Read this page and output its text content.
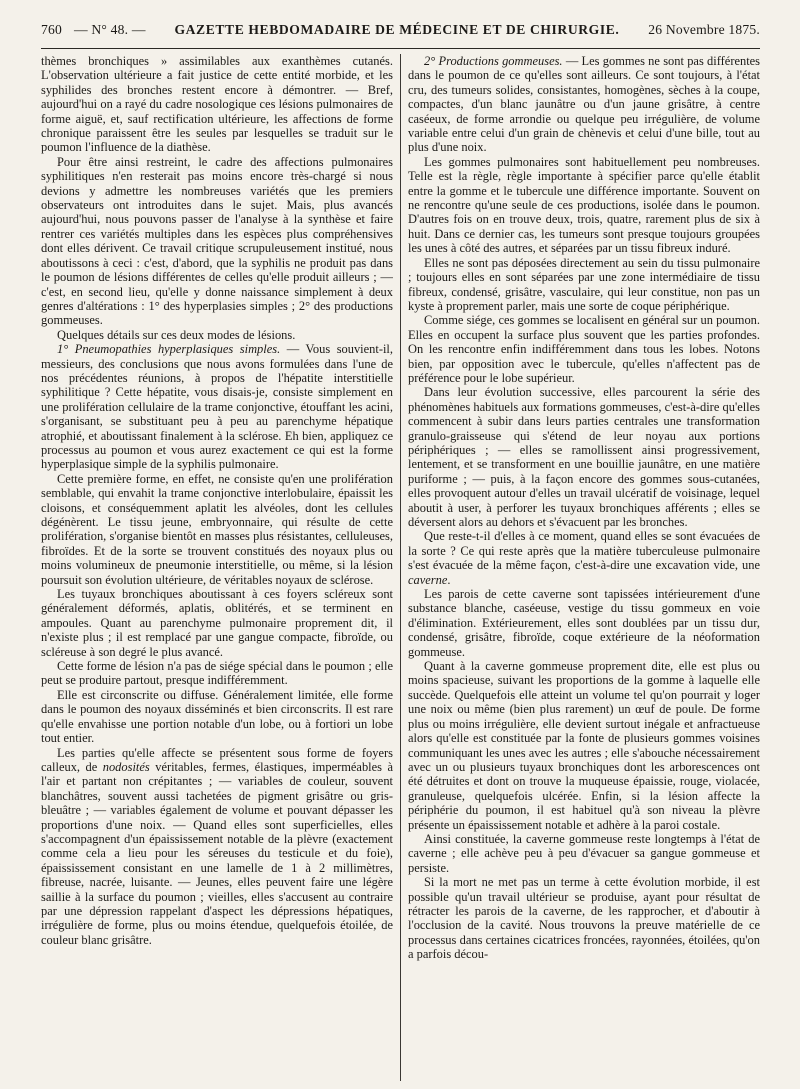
760 — N° 48. — GAZETTE HEBDOMADAIRE DE MÉDECINE ET DE CHIRURGIE. 26 Novembre 1875.

thèmes bronchiques » assimilables aux exanthèmes cutanés. L'observation ultérieure a fait justice de cette entité morbide, et les syphilides des bronches restent encore à démontrer. — Bref, aujourd'hui on a rayé du cadre nosologique ces lésions pulmonaires de forme aiguë, et, sauf rectification ultérieure, les affections de forme chronique paraissent être les seules par lesquelles se traduit sur le poumon l'influence de la diathèse.

Pour être ainsi restreint, le cadre des affections pulmonaires syphilitiques n'en resterait pas moins encore très-chargé si nous devions y admettre les nombreuses variétés que les premiers observateurs ont introduites dans le sujet. Mais, plus avancés aujourd'hui, nous pouvons passer de l'analyse à la synthèse et faire rentrer ces variétés multiples dans les espèces plus compréhensives dont elles dérivent. Ce travail critique scrupuleusement institué, nous aboutissons à ceci : c'est, d'abord, que la syphilis ne produit pas dans le poumon de lésions différentes de celles qu'elle produit ailleurs ; — c'est, en second lieu, qu'elle y donne naissance simplement à deux genres d'altérations : 1° des hyperplasies simples ; 2° des productions gommeuses.

Quelques détails sur ces deux modes de lésions.

1° Pneumopathies hyperplasiques simples. — Vous souvient-il, messieurs, des conclusions que nous avons formulées dans l'une de nos précédentes réunions, à propos de l'hépatite interstitielle syphilitique ? Cette hépatite, vous disais-je, consiste simplement en une prolifération cellulaire de la trame conjonctive, étouffant les acini, s'organisant, se substituant peu à peu au parenchyme hépatique atrophié, et aboutissant finalement à la sclérose. Eh bien, appliquez ce processus au poumon et vous aurez exactement ce qui est la forme hyperplasique simple de la syphilis pulmonaire.

Cette première forme, en effet, ne consiste qu'en une prolifération semblable, qui envahit la trame conjonctive interlobulaire, épaissit les cloisons, et conséquemment aplatit les alvéoles, dont les cellules dégénèrent. Le tissu jeune, embryonnaire, qui résulte de cette prolifération, s'organise bientôt en masses plus résistantes, celluleuses, fibroïdes. Et de la sorte se trouvent constitués des noyaux plus ou moins volumineux de pneumonie interstitielle, ou même, si la lésion poursuit son évolution ultérieure, de véritables noyaux de sclérose.

Les tuyaux bronchiques aboutissant à ces foyers scléreux sont généralement déformés, aplatis, oblitérés, et se terminent en ampoules. Quant au parenchyme pulmonaire proprement dit, il n'existe plus ; il est remplacé par une gangue compacte, fibroïde, ou scléreuse à son degré le plus avancé.

Cette forme de lésion n'a pas de siége spécial dans le poumon ; elle peut se produire partout, presque indifféremment.

Elle est circonscrite ou diffuse. Généralement limitée, elle forme dans le poumon des noyaux disséminés et bien circonscrits. Il est rare qu'elle envahisse une portion notable d'un lobe, ou à fortiori un lobe tout entier.

Les parties qu'elle affecte se présentent sous forme de foyers calleux, de nodosités véritables, fermes, élastiques, imperméables à l'air et partant non crépitantes ; — variables de couleur, souvent blanchâtres, souvent aussi tachetées de pigment grisâtre ou gris-bleuâtre ; — variables également de volume et pouvant dépasser les proportions d'une noix. — Quand elles sont superficielles, elles s'accompagnent d'un épaississement notable de la plèvre (exactement comme cela a lieu pour les séreuses du testicule et du foie), épaississement consistant en une lamelle de 1 à 2 millimètres, fibreuse, nacrée, luisante. — Jeunes, elles peuvent faire une légère saillie à la surface du poumon ; vieilles, elles s'accusent au contraire par une dépression rappelant d'aspect les dépressions hépatiques, irrégulière de forme, plus ou moins étendue, quelquefois étoilée, de couleur blanc grisâtre.

2° Productions gommeuses. — Les gommes ne sont pas différentes dans le poumon de ce qu'elles sont ailleurs. Ce sont toujours, à l'état cru, des tumeurs solides, consistantes, homogènes, sèches à la coupe, compactes, d'un blanc jaunâtre ou d'un jaune grisâtre, à centre caséeux, de forme arrondie ou quelque peu irrégulière, de volume variable entre celui d'un grain de chènevis et celui d'une bille, tout au plus d'une noix.

Les gommes pulmonaires sont habituellement peu nombreuses. Telle est la règle, règle importante à spécifier parce qu'elle établit entre la gomme et le tubercule une différence importante. Souvent on ne rencontre qu'une seule de ces productions, isolée dans le poumon. D'autres fois on en trouve deux, trois, quatre, rarement plus de six à huit. Dans ce dernier cas, les tumeurs sont presque toujours groupées les unes à côté des autres, et séparées par un tissu fibreux induré.

Elles ne sont pas déposées directement au sein du tissu pulmonaire ; toujours elles en sont séparées par une zone intermédiaire de tissu fibreux, condensé, grisâtre, vasculaire, qui leur constitue, non pas un kyste à proprement parler, mais une sorte de coque périphérique.

Comme siége, ces gommes se localisent en général sur un poumon. Elles en occupent la surface plus souvent que les parties profondes. On les rencontre enfin indifféremment dans tous les lobes. Notons bien, par opposition avec le tubercule, qu'elles n'affectent pas de préférence pour le lobe supérieur.

Dans leur évolution successive, elles parcourent la série des phénomènes habituels aux formations gommeuses, c'est-à-dire qu'elles commencent à subir dans leurs parties centrales une transformation granulo-graisseuse qui s'étend de leur noyau aux portions périphériques ; — elles se ramollissent ainsi progressivement, lentement, et se transforment en une bouillie jaunâtre, en une matière puriforme ; — puis, à la façon encore des gommes sous-cutanées, elles provoquent autour d'elles un travail ulcératif de voisinage, lequel aboutit à user, à perforer les tuyaux bronchiques afférents ; elles se déversent alors au dehors et s'évacuent par les bronches.

Que reste-t-il d'elles à ce moment, quand elles se sont évacuées de la sorte ? Ce qui reste après que la matière tuberculeuse pulmonaire s'est évacuée de la même façon, c'est-à-dire une excavation vide, une caverne.

Les parois de cette caverne sont tapissées intérieurement d'une substance blanche, caséeuse, vestige du tissu gommeux en voie d'élimination. Extérieurement, elles sont doublées par un tissu dur, condensé, grisâtre, fibroïde, coque extérieure de la néoformation gommeuse.

Quant à la caverne gommeuse proprement dite, elle est plus ou moins spacieuse, suivant les proportions de la gomme à laquelle elle succède. Quelquefois elle atteint un volume tel qu'on pourrait y loger une noix ou même (bien plus rarement) un œuf de poule. De forme plus ou moins irrégulière, elle devient surtout inégale et anfractueuse alors qu'elle est constituée par la fonte de plusieurs gommes voisines communiquant les unes avec les autres ; elle s'abouche nécessairement avec un ou plusieurs tuyaux bronchiques dont les arborescences ont été détruites et dont on trouve la muqueuse épaissie, rouge, violacée, granuleuse, quelquefois ulcérée. Enfin, si la lésion affecte la périphérie du poumon, il est habituel qu'à son niveau la plèvre présente un épaississement notable et adhère à la paroi costale.

Ainsi constituée, la caverne gommeuse reste longtemps à l'état de caverne ; elle achève peu à peu d'évacuer sa gangue gommeuse et persiste.

Si la mort ne met pas un terme à cette évolution morbide, il est possible qu'un travail ultérieur se produise, ayant pour résultat de rétracter les parois de la caverne, de les rapprocher, et d'aboutir à l'occlusion de la cavité. Nous trouvons la preuve matérielle de ce processus dans certaines cicatrices froncées, rayonnées, étoilées, qu'on a parfois décou-
